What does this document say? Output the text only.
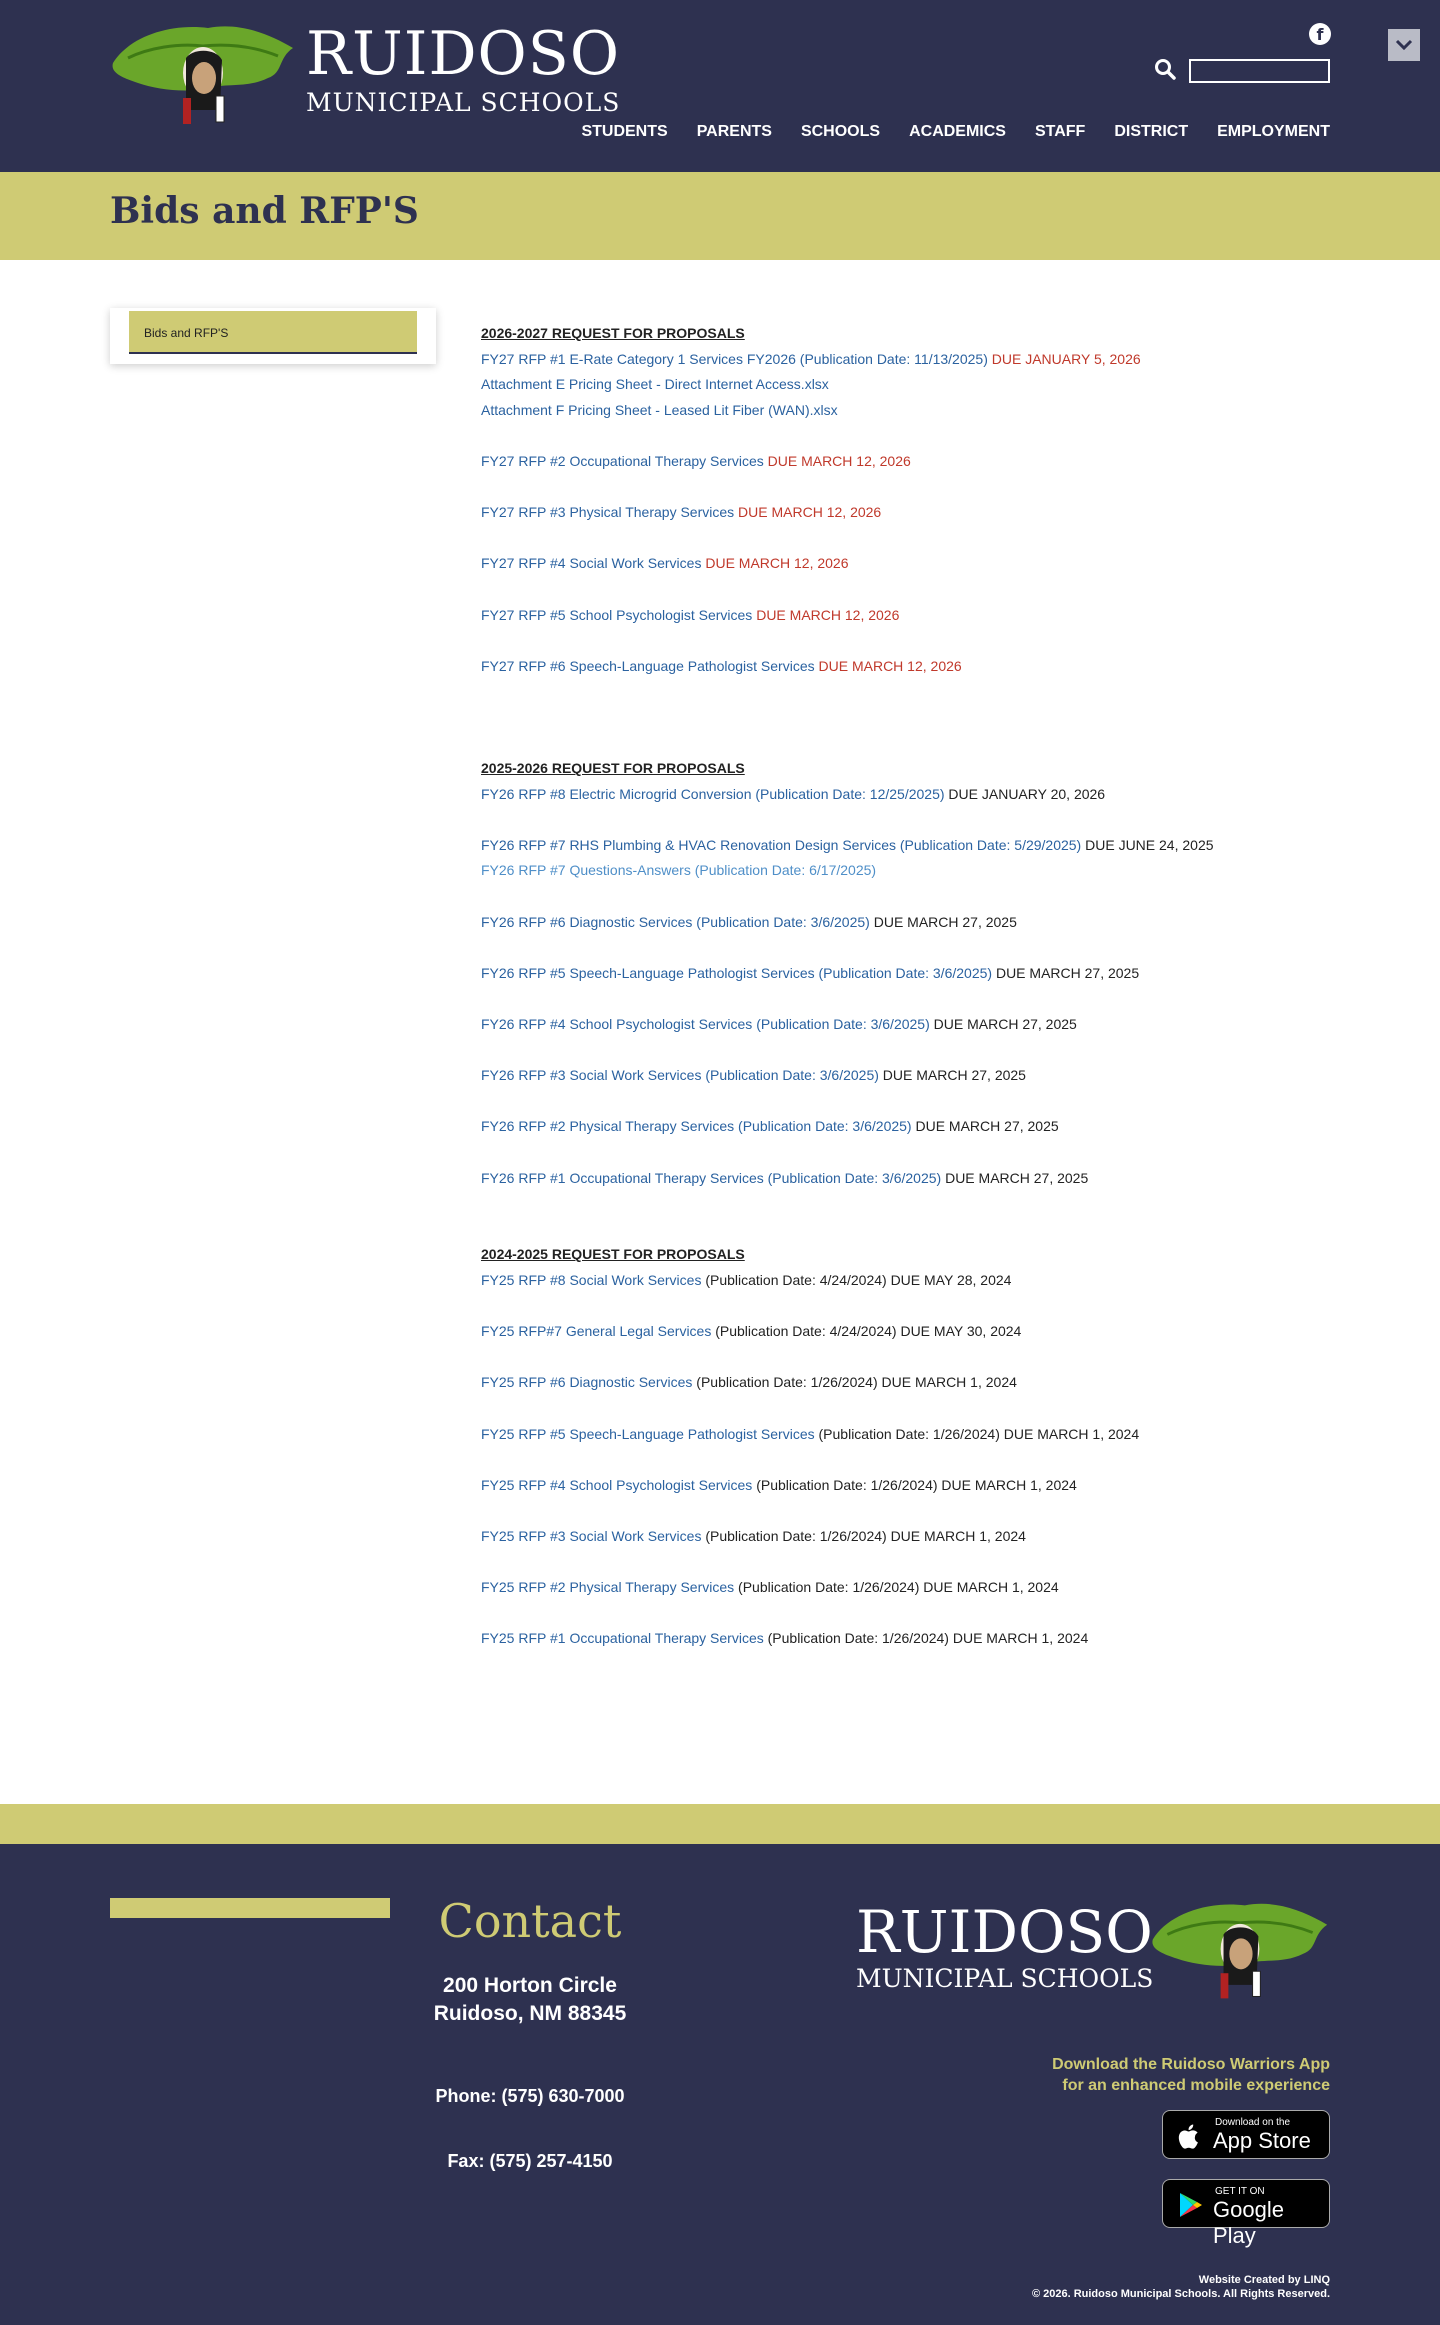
RUIDOSO
MUNICIPAL SCHOOLS
f
STUDENTS PARENTS SCHOOLS ACADEMICS STAFF DISTRICT EMPLOYMENT
Bids and RFP'S
Bids and RFP'S	2026-2027 REQUEST FOR PROPOSALS
FY27 RFP #1 E-Rate Category 1 Services FY2026 (Publication Date: 11/13/2025) DUE JANUARY 5, 2026
Attachment E Pricing Sheet - Direct Internet Access.xlsx
Attachment F Pricing Sheet - Leased Lit Fiber (WAN).xlsx
FY27 RFP #2 Occupational Therapy Services DUE MARCH 12, 2026
FY27 RFP #3 Physical Therapy Services DUE MARCH 12, 2026
FY27 RFP #4 Social Work Services DUE MARCH 12, 2026
FY27 RFP #5 School Psychologist Services DUE MARCH 12, 2026
FY27 RFP #6 Speech-Language Pathologist Services DUE MARCH 12, 2026
2025-2026 REQUEST FOR PROPOSALS
FY26 RFP #8 Electric Microgrid Conversion (Publication Date: 12/25/2025) DUE JANUARY 20, 2026
FY26 RFP #7 RHS Plumbing & HVAC Renovation Design Services (Publication Date: 5/29/2025) DUE JUNE 24, 2025
FY26 RFP #7 Questions-Answers (Publication Date: 6/17/2025)
FY26 RFP #6 Diagnostic Services (Publication Date: 3/6/2025) DUE MARCH 27, 2025
FY26 RFP #5 Speech-Language Pathologist Services (Publication Date: 3/6/2025) DUE MARCH 27, 2025
FY26 RFP #4 School Psychologist Services (Publication Date: 3/6/2025) DUE MARCH 27, 2025
FY26 RFP #3 Social Work Services (Publication Date: 3/6/2025) DUE MARCH 27, 2025
FY26 RFP #2 Physical Therapy Services (Publication Date: 3/6/2025) DUE MARCH 27, 2025
FY26 RFP #1 Occupational Therapy Services (Publication Date: 3/6/2025) DUE MARCH 27, 2025
2024-2025 REQUEST FOR PROPOSALS
FY25 RFP #8 Social Work Services (Publication Date: 4/24/2024) DUE MAY 28, 2024
FY25 RFP#7 General Legal Services (Publication Date: 4/24/2024) DUE MAY 30, 2024
FY25 RFP #6 Diagnostic Services (Publication Date: 1/26/2024) DUE MARCH 1, 2024
FY25 RFP #5 Speech-Language Pathologist Services (Publication Date: 1/26/2024) DUE MARCH 1, 2024
FY25 RFP #4 School Psychologist Services (Publication Date: 1/26/2024) DUE MARCH 1, 2024
FY25 RFP #3 Social Work Services (Publication Date: 1/26/2024) DUE MARCH 1, 2024
FY25 RFP #2 Physical Therapy Services (Publication Date: 1/26/2024) DUE MARCH 1, 2024
FY25 RFP #1 Occupational Therapy Services (Publication Date: 1/26/2024) DUE MARCH 1, 2024
Contact
200 Horton Circle
Ruidoso, NM 88345
Phone: (575) 630-7000
Fax: (575) 257-4150
RUIDOSO
MUNICIPAL SCHOOLS
Download the Ruidoso Warriors App
for an enhanced mobile experience
Download on the
App Store
GET IT ON
Google Play
Website Created by LINQ
© 2026. Ruidoso Municipal Schools. All Rights Reserved.
